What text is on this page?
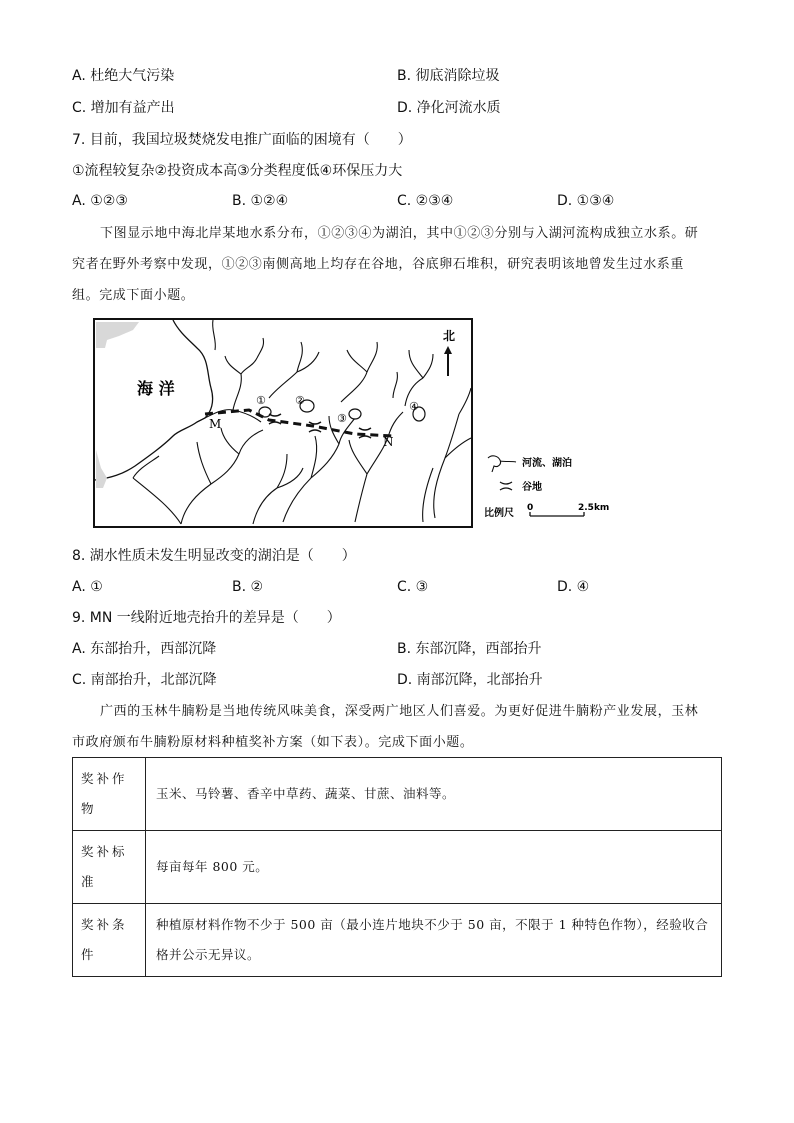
A. 杜绝大气污染	B. 彻底消除垃圾
C. 增加有益产出	D. 净化河流水质
7. 目前，我国垃圾焚烧发电推广面临的困境有（　　）
①流程较复杂②投资成本高③分类程度低④环保压力大
A. ①②③	B. ①②④	C. ②③④	D. ①③④
下图显示地中海北岸某地水系分布，①②③④为湖泊，其中①②③分别与入湖河流构成独立水系。研
究者在野外考察中发现，①②③南侧高地上均存在谷地，谷底卵石堆积，研究表明该地曾发生过水系重
组。完成下面小题。
北
海 洋
M
N
①	②
③
④
河流、湖泊
谷地
比例尺 0	2.5km
8. 湖水性质未发生明显改变的湖泊是（　　）
A. ①	B. ②	C. ③	D. ④
9. MN 一线附近地壳抬升的差异是（　　）
A. 东部抬升，西部沉降	B. 东部沉降，西部抬升
C. 南部抬升，北部沉降	D. 南部沉降，北部抬升
广西的玉林牛腩粉是当地传统风味美食，深受两广地区人们喜爱。为更好促进牛腩粉产业发展，玉林
市政府颁布牛腩粉原材料种植奖补方案（如下表）。完成下面小题。
奖补作物	玉米、马铃薯、香辛中草药、蔬菜、甘蔗、油料等。
奖补标准	每亩每年 800 元。
奖补条件	种植原材料作物不少于 500 亩（最小连片地块不少于 50 亩，不限于 1 种特色作物），经验收合格并公示无异议。
